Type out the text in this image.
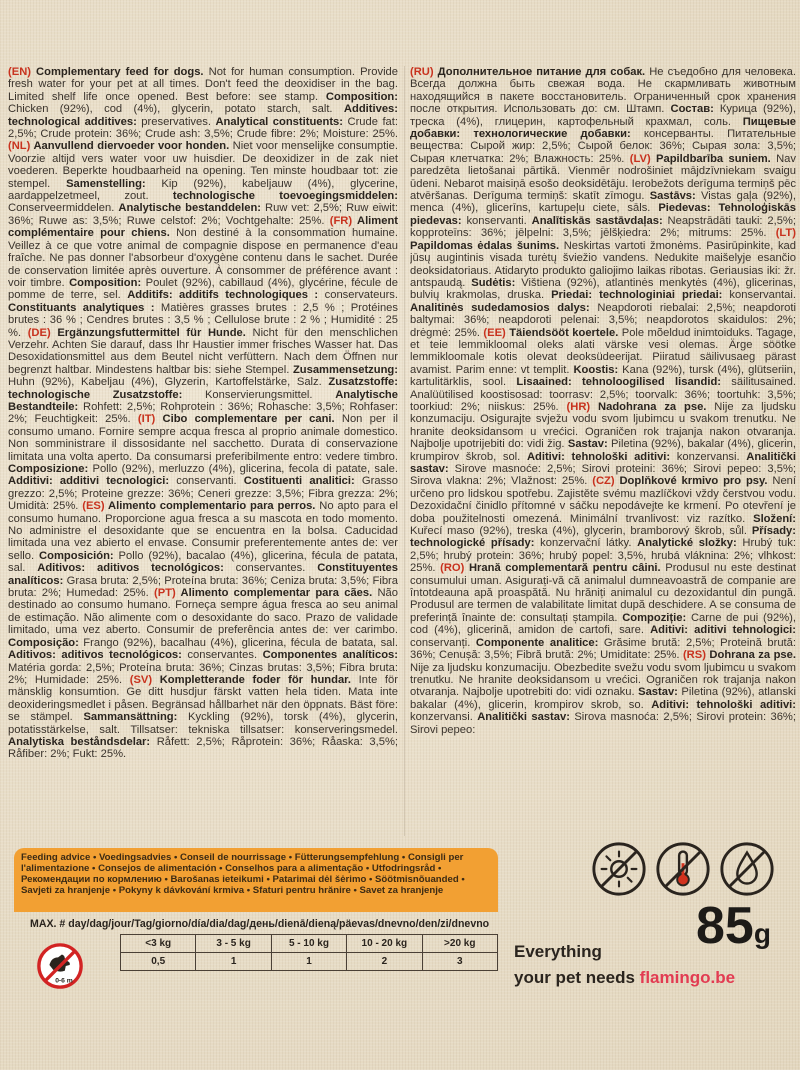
(EN) Complementary feed for dogs. Not for human consumption. Provide fresh water for your pet at all times. Don't feed the deoxidiser in the bag. Limited shelf life once opened. Best before: see stamp. Composition: Chicken (92%), cod (4%), glycerin, potato starch, salt. Additives: technological additives: preservatives. Analytical constituents: Crude fat: 2,5%; Crude protein: 36%; Crude ash: 3,5%; Crude fibre: 2%; Moisture: 25%. (NL) Aanvullend diervoeder voor honden. Niet voor menselijke consumptie. Voorzie altijd vers water voor uw huisdier. De deoxidizer in de zak niet voederen. Beperkte houdbaarheid na opening. Ten minste houdbaar tot: zie stempel. Samenstelling: Kip (92%), kabeljauw (4%), glycerine, aardappelzetmeel, zout. technologische toevoegingsmiddelen: Conserveermiddelen. Analytische bestanddelen: Ruw vet: 2,5%; Ruw eiwit: 36%; Ruwe as: 3,5%; Ruwe celstof: 2%; Vochtgehalte: 25%. (FR) Aliment complémentaire pour chiens. Non destiné à la consommation humaine. Veillez à ce que votre animal de compagnie dispose en permanence d'eau fraîche. Ne pas donner l'absorbeur d'oxygène contenu dans le sachet. Durée de conservation limitée après ouverture. À consommer de préférence avant : voir timbre. Composition: Poulet (92%), cabillaud (4%), glycérine, fécule de pomme de terre, sel. Additifs: additifs technologiques : conservateurs. Constituants analytiques : Matières grasses brutes : 2,5 % ; Protéines brutes : 36 % ; Cendres brutes : 3,5 % ; Cellulose brute : 2 % ; Humidité : 25 %. (DE) Ergänzungsfuttermittel für Hunde. Nicht für den menschlichen Verzehr. Achten Sie darauf, dass Ihr Haustier immer frisches Wasser hat. Das Desoxidationsmittel aus dem Beutel nicht verfüttern. Nach dem Öffnen nur begrenzt haltbar. Mindestens haltbar bis: siehe Stempel. Zusammensetzung: Huhn (92%), Kabeljau (4%), Glyzerin, Kartoffelstärke, Salz. Zusatzstoffe: technologische Zusatzstoffe: Konservierungsmittel. Analytische Bestandteile: Rohfett: 2,5%; Rohprotein : 36%; Rohasche: 3,5%; Rohfaser: 2%; Feuchtigkeit: 25%. (IT) Cibo complementare per cani. Non per il consumo umano. Fornire sempre acqua fresca al proprio animale domestico. Non somministrare il dissosidante nel sacchetto. Durata di conservazione limitata una volta aperto. Da consumarsi preferibilmente entro: vedere timbro. Composizione: Pollo (92%), merluzzo (4%), glicerina, fecola di patate, sale. Additivi: additivi tecnologici: conservanti. Costituenti analitici: Grasso grezzo: 2,5%; Proteine grezze: 36%; Ceneri grezze: 3,5%; Fibra grezza: 2%; Umidità: 25%. (ES) Alimento complementario para perros. No apto para el consumo humano. Proporcione agua fresca a su mascota en todo momento. No administre el desoxidante que se encuentra en la bolsa. Caducidad limitada una vez abierto el envase. Consumir preferentemente antes de: ver sello. Composición: Pollo (92%), bacalao (4%), glicerina, fécula de patata, sal. Aditivos: aditivos tecnológicos: conservantes. Constituyentes analíticos: Grasa bruta: 2,5%; Proteína bruta: 36%; Ceniza bruta: 3,5%; Fibra bruta: 2%; Humedad: 25%. (PT) Alimento complementar para cães. Não destinado ao consumo humano. Forneça sempre água fresca ao seu animal de estimação. Não alimente com o desoxidante do saco. Prazo de validade limitado, uma vez aberto. Consumir de preferência antes de: ver carimbo. Composição: Frango (92%), bacalhau (4%), glicerina, fécula de batata, sal. Aditivos: aditivos tecnológicos: conservantes. Componentes analíticos: Matéria gorda: 2,5%; Proteína bruta: 36%; Cinzas brutas: 3,5%; Fibra bruta: 2%; Humidade: 25%. (SV) Kompletterande foder för hundar. Inte för mänsklig konsumtion. Ge ditt husdjur färskt vatten hela tiden. Mata inte deoxideringsmedlet i påsen. Begränsad hållbarhet när den öppnats. Bäst före: se stämpel. Sammansättning: Kyckling (92%), torsk (4%), glycerin, potatisstärkelse, salt. Tillsatser: tekniska tillsatser: konserveringsmedel. Analytiska beståndsdelar: Råfett: 2,5%; Råprotein: 36%; Råaska: 3,5%; Råfiber: 2%; Fukt: 25%.
(RU) Дополнительное питание для собак. Не съедобно для человека. Всегда должна быть свежая вода. Не скармливать животным находящийся в пакете восстановитель. Ограниченный срок хранения после открытия. Использовать до: см. Штамп. Состав: Курица (92%), треска (4%), глицерин, картофельный крахмал, соль. Пищевые добавки: технологические добавки: консерванты. Питательные вещества: Сырой жир: 2,5%; Сырой белок: 36%; Сырая зола: 3,5%; Сырая клетчатка: 2%; Влажность: 25%. (LV) Papildbarība suniem. Nav paredzēta lietošanai pārtikā. Vienmēr nodrošiniet mājdzīvniekam svaigu ūdeni. Nebarot maisiņā esošo deoksidētāju. Ierobežots derīguma termiņš pēc atvēršanas. Derīguma termiņš: skatīt zīmogu. Sastāvs: Vistas gaļa (92%), menca (4%), glicerīns, kartupeļu ciete, sāls. Piedevas: Tehnoloģiskās piedevas: konservanti. Analītiskās sastāvdaļas: Neapstrādāti tauki: 2,5%; kopproteīns: 36%; jēlpelni: 3,5%; jēlšķiedra: 2%; mitrums: 25%. (LT) Papildomas ėdalas šunims. Neskirtas vartoti žmonėms. Pasirūpinkite, kad jūsų augintinis visada turėtų šviežio vandens. Nedukite maišelyje esančio deoksidatoriaus. Atidaryto produkto galiojimo laikas ribotas. Geriausias iki: žr. antspaudą. Sudėtis: Vištiena (92%), atlantinės menkytės (4%), glicerinas, bulvių krakmolas, druska. Priedai: technologiniai priedai: konservantai. Analitinės sudedamosios dalys: Neapdoroti riebalai: 2,5%; neapdoroti baltymai: 36%; neapdoroti pelenai: 3,5%; neapdorotos skaidulos: 2%; drėgmė: 25%. (EE) Täiendsööt koertele. Pole mõeldud inimtoiduks. Tagage, et teie lemmikloomal oleks alati värske vesi olemas. Ärge söötke lemmikloomale kotis olevat deoksüdeerijat. Piiratud säilivusaeg pärast avamist. Parim enne: vt templit. Koostis: Kana (92%), tursk (4%), glütseriin, kartulitärklis, sool. Lisaained: tehnoloogilised lisandid: säilitusained. Analüütilised koostisosad: toorrasv: 2,5%; toorvalk: 36%; toortuhk: 3,5%; toorkiud: 2%; niiskus: 25%. (HR) Nadohrana za pse. Nije za ljudsku konzumaciju. Osigurajte svježu vodu svom ljubimcu u svakom trenutku. Ne hranite deoksidansom u vrećici. Ograničen rok trajanja nakon otvaranja. Najbolje upotrijebiti do: vidi žig. Sastav: Piletina (92%), bakalar (4%), glicerin, krumpirov škrob, sol. Aditivi: tehnološki aditivi: konzervansi. Analitički sastav: Sirove masnoće: 2,5%; Sirovi proteini: 36%; Sirovi pepeo: 3,5%; Sirova vlakna: 2%; Vlažnost: 25%. (CZ) Doplňkové krmivo pro psy. Není určeno pro lidskou spotřebu. Zajistěte svému mazlíčkovi vždy čerstvou vodu. Dezoxidační činidlo přítomné v sáčku nepodávejte ke krmení. Po otevření je doba použitelnosti omezená. Minimální trvanlivost: viz razítko. Složení: Kuřecí maso (92%), treska (4%), glycerin, bramborový škrob, sůl. Přísady: technologické přísady: konzervační látky. Analytické složky: Hrubý tuk: 2,5%; hrubý protein: 36%; hrubý popel: 3,5%, hrubá vláknina: 2%; vlhkost: 25%. (RO) Hrană complementară pentru câini. Produsul nu este destinat consumului uman. Asigurați-vă că animalul dumneavoastră de companie are întotdeauna apă proaspătă. Nu hrăniți animalul cu dezoxidantul din pungă. Produsul are termen de valabilitate limitat după deschidere. A se consuma de preferință înainte de: consultați ștampila. Compoziție: Carne de pui (92%), cod (4%), glicerină, amidon de cartofi, sare. Aditivi: aditivi tehnologici: conservanți. Componente analitice: Grăsime brută: 2,5%; Proteină brută: 36%; Cenușă: 3,5%; Fibră brută: 2%; Umiditate: 25%. (RS) Dohrana za pse. Nije za ljudsku konzumaciju. Obezbedite svežu vodu svom ljubimcu u svakom trenutku. Ne hranite deoksidansom u vrećici. Ograničen rok trajanja nakon otvaranja. Najbolje upotrebiti do: vidi oznaku. Sastav: Piletina (92%), atlanski bakalar (4%), glicerin, krompirov skrob, so. Aditivi: tehnološki aditivi: konzervansi. Analitički sastav: Sirova masnoća: 2,5%; Sirovi protein: 36%; Sirovi pepeo:
Feeding advice • Voedingsadvies • Conseil de nourrissage • Fütterungsempfehlung • Consigli per l'alimentazione • Consejos de alimentación • Conselhos para a alimentação • Utfodringsråd • Рекомендации по кормлению • Barošanas ieteikumi • Patarimai dėl šėrimo • Söötmisnõuanded • Savjeti za hranjenje • Pokyny k dávkování krmiva • Sfaturi pentru hrănire • Savet za hranjenje
MAX. # day/dag/jour/Tag/giorno/día/dia/dag/день/dienā/dieną/päevas/dnevno/den/zi/dnevno
0-6 m
<3 kg	3 - 5 kg	5 - 10 kg	10 - 20 kg	>20 kg
0,5	1	1	2	3
85g
Everything
your pet needs flamingo.be
